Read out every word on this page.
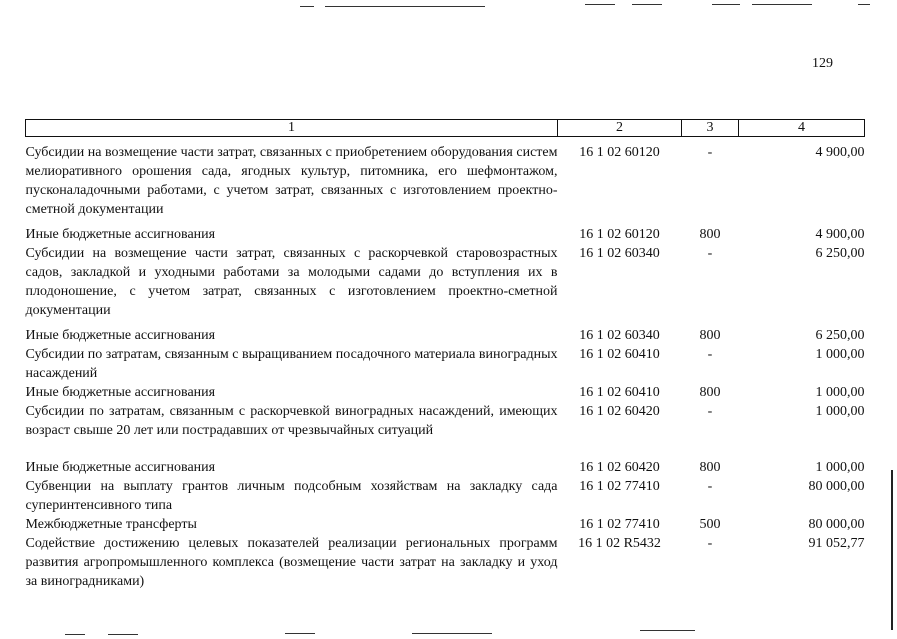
129
1	2	3	4

Субсидии на возмещение части затрат, связанных с приобретением оборудования систем мелиоративного орошения сада, ягодных культур, питомника, его шефмонтажом, пусконаладочными работами, с учетом затрат, связанных с изготовлением проектно-сметной документации	16 1 02 60120	-	4 900,00

Иные бюджетные ассигнования	16 1 02 60120	800	4 900,00
Субсидии на возмещение части затрат, связанных с раскорчевкой старовозрастных садов, закладкой и уходными работами за молодыми садами до вступления их в плодоношение, с учетом затрат, связанных с изготовлением проектно-сметной документации	16 1 02 60340	-	6 250,00

Иные бюджетные ассигнования	16 1 02 60340	800	6 250,00
Субсидии по затратам, связанным с выращиванием посадочного материала виноградных насаждений	16 1 02 60410	-	1 000,00
Иные бюджетные ассигнования	16 1 02 60410	800	1 000,00
Субсидии по затратам, связанным с раскорчевкой виноградных насаждений, имеющих возраст свыше 20 лет или пострадавших от чрезвычайных ситуаций	16 1 02 60420	-	1 000,00

Иные бюджетные ассигнования	16 1 02 60420	800	1 000,00
Субвенции на выплату грантов личным подсобным хозяйствам на закладку сада суперинтенсивного типа	16 1 02 77410	-	80 000,00
Межбюджетные трансферты	16 1 02 77410	500	80 000,00
Содействие достижению целевых показателей реализации региональных программ развития агропромышленного комплекса (возмещение части затрат на закладку и уход за виноградниками)	16 1 02 R5432	-	91 052,77
